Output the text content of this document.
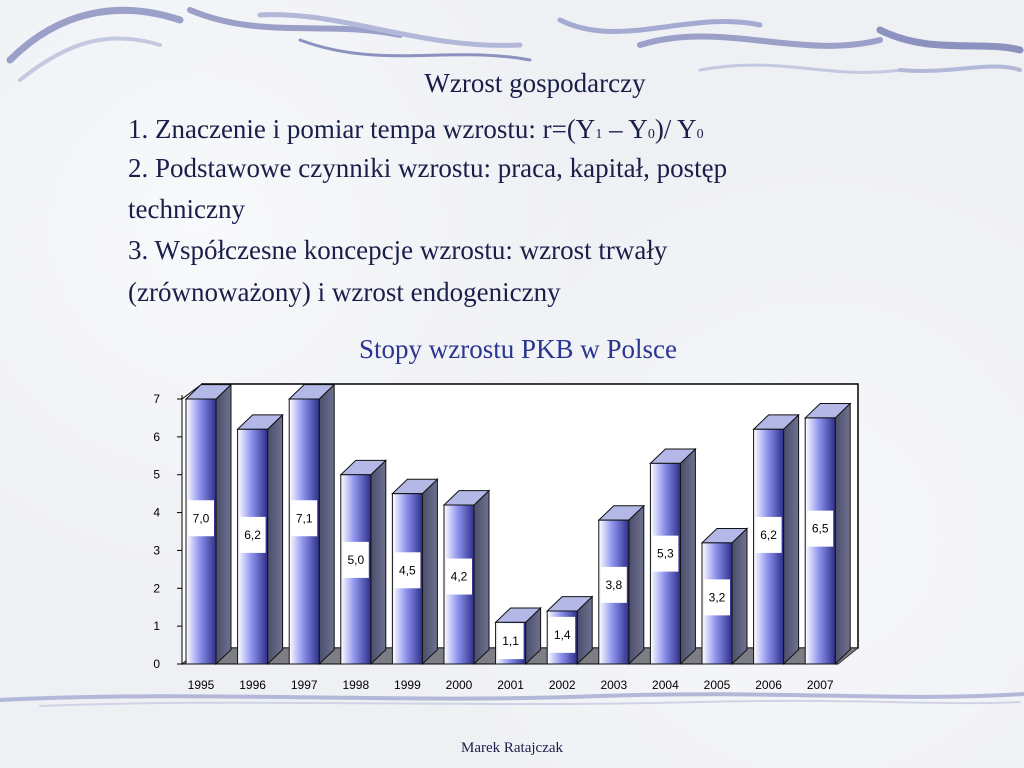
Wzrost gospodarczy
1. Znaczenie i pomiar tempa wzrostu: r=(Y1 – Y0)/ Y0
2. Podstawowe czynniki wzrostu: praca, kapitał, postęp
techniczny
3. Współczesne koncepcje wzrostu: wzrost trwały
(zrównoważony) i wzrost endogeniczny
Stopy wzrostu PKB w Polsce
0
1
2
3
4
5
6
7
7,0
1995
6,2
1996
7,1
1997
5,0
1998
4,5
1999
4,2
2000
1,1
2001
1,4
2002
3,8
2003
5,3
2004
3,2
2005
6,2
2006
6,5
2007
Marek Ratajczak
